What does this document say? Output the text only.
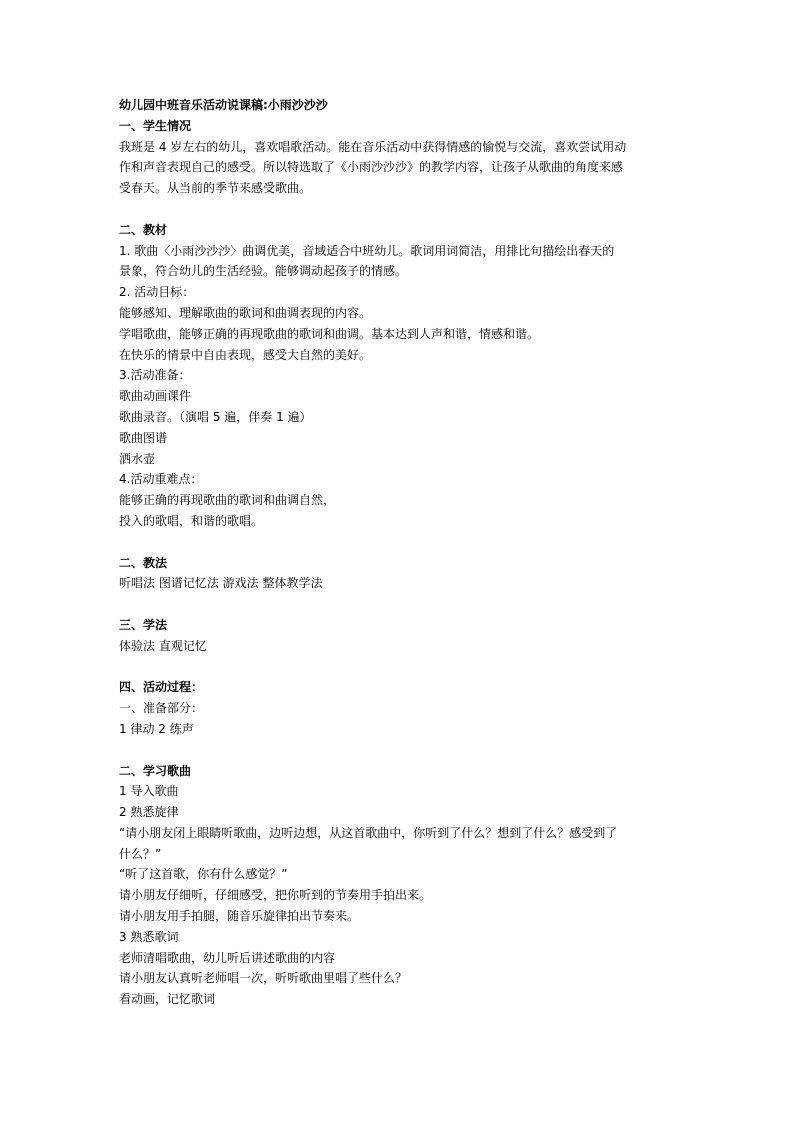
幼儿园中班音乐活动说课稿:小雨沙沙沙
一、学生情况
我班是 4 岁左右的幼儿，喜欢唱歌活动。能在音乐活动中获得情感的愉悦与交流，喜欢尝试用动
作和声音表现自己的感受。所以特选取了《小雨沙沙沙》的教学内容，让孩子从歌曲的角度来感
受春天。从当前的季节来感受歌曲。
二、教材
1. 歌曲〈小雨沙沙沙〉曲调优美，音域适合中班幼儿。歌词用词简洁，用排比句描绘出春天的
景象，符合幼儿的生活经验。能够调动起孩子的情感。
2. 活动目标：
能够感知、理解歌曲的歌词和曲调表现的内容。
学唱歌曲，能够正确的再现歌曲的歌词和曲调。基本达到人声和谐，情感和谐。
在快乐的情景中自由表现，感受大自然的美好。
3.活动准备：
歌曲动画课件
歌曲录音。（演唱 5 遍，伴奏 1 遍）
歌曲图谱
洒水壶
4.活动重难点：
能够正确的再现歌曲的歌词和曲调自然，
投入的歌唱，和谐的歌唱。
二、教法
听唱法 图谱记忆法 游戏法 整体教学法
三、学法
体验法 直观记忆
四、活动过程：
一、准备部分：
1 律动 2 练声
二、学习歌曲
1 导入歌曲
2 熟悉旋律
“请小朋友闭上眼睛听歌曲，边听边想，从这首歌曲中，你听到了什么？想到了什么？感受到了
什么？”
“听了这首歌，你有什么感觉？”
请小朋友仔细听，仔细感受，把你听到的节奏用手拍出来。
请小朋友用手拍腿，随音乐旋律拍出节奏来。
3 熟悉歌词
老师清唱歌曲，幼儿听后讲述歌曲的内容
请小朋友认真听老师唱一次，听听歌曲里唱了些什么？
看动画，记忆歌词
